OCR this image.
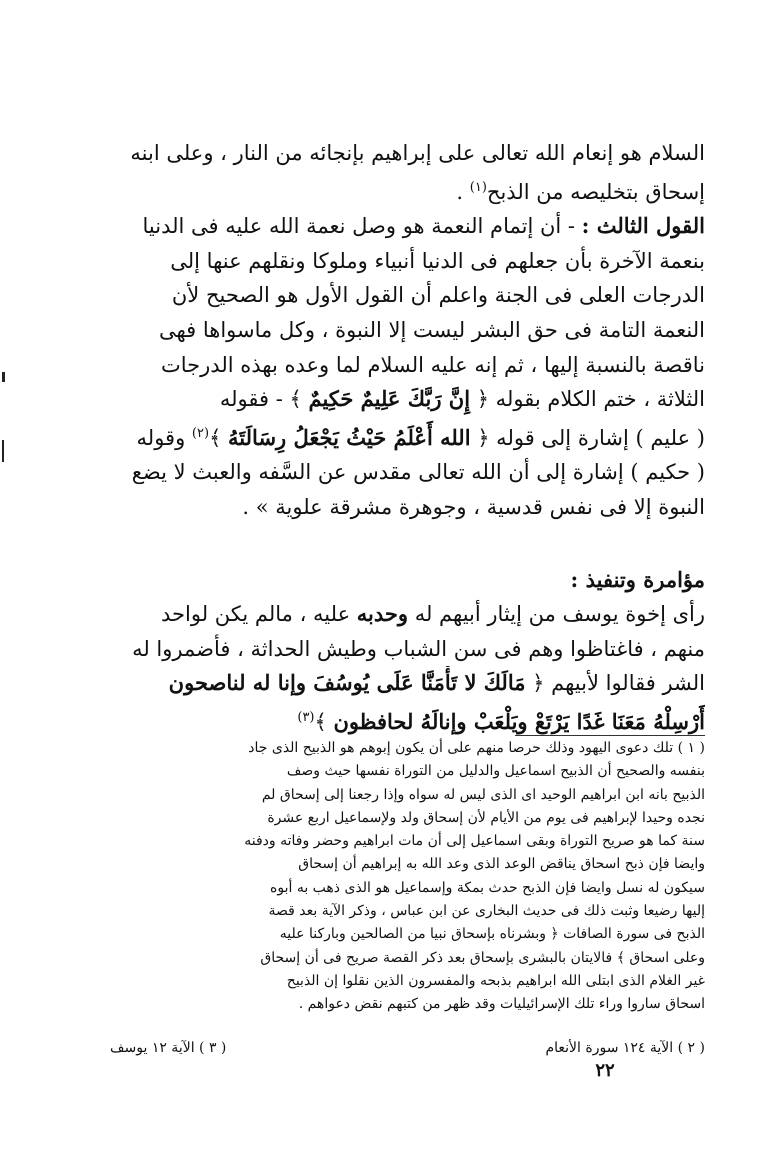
السلام هو إنعام الله تعالى على إبراهيم بإنجائه من النار ، وعلى ابنه
إسحاق بتخليصه من الذبح$^{(١)}$ .

القول الثالث : - أن إتمام النعمة هو وصل نعمة الله عليه فى الدنيا
بنعمة الآخرة بأن جعلهم فى الدنيا أنبياء وملوكا ونقلهم عنها إلى
الدرجات العلى فى الجنة واعلم أن القول الأول هو الصحيح لأن
النعمة التامة فى حق البشر ليست إلا النبوة ، وكل ماسواها فهى
ناقصة بالنسبة إليها ، ثم إنه عليه السلام لما وعده بهذه الدرجات
الثلاثة ، ختم الكلام بقوله ﴿ إِنَّ رَبَّكَ عَلِيمٌ حَكِيمٌ ﴾ - فقوله
( عليم ) إشارة إلى قوله ﴿ الله أَعْلَمُ حَيْثُ يَجْعَلُ رِسَالَتَهُ ﴾$^{(٢)}$ وقوله
( حكيم ) إشارة إلى أن الله تعالى مقدس عن السَّفه والعبث لا يضع
النبوة إلا فى نفس قدسية ، وجوهرة مشرقة علوية » .

مؤامرة وتنفيذ :

رأى إخوة يوسف من إيثار أبيهم له وحدبه عليه ، مالم يكن لواحد
منهم ، فاغتاظوا وهم فى سن الشباب وطيش الحداثة ، فأضمروا له
الشر فقالوا لأبيهم ﴿ مَالَكَ لا تَأْمَنَّا عَلَى يُوسُفَ وإنا له لناصحون
أَرْسِلْهُ مَعَنَا غَدًا يَرْتَعْ ويَلْعَبْ وإنالَهُ لحافظون ﴾$^{(٣)}$

( ١ ) تلك دعوى اليهود وذلك حرصا منهم على أن يكون إبوهم هو الذبيح الذى جاد
بنفسه والصحيح أن الذبيح اسماعيل والدليل من التوراة نفسها حيث وصف
الذبيح بانه ابن ابراهيم الوحيد اى الذى ليس له سواه وإذا رجعنا إلى إسحاق لم
نجده وحيدا لإبراهيم فى يوم من الأيام لأن إسحاق ولد ولإسماعيل اربع عشرة
سنة كما هو صريح التوراة وبقى اسماعيل إلى أن مات ابراهيم وحضر وفاته ودفنه
وايضا فإن ذبح اسحاق يناقض الوعد الذى وعد الله به إبراهيم أن إسحاق
سيكون له نسل وايضا فإن الذبح حدث بمكة وإسماعيل هو الذى ذهب به أبوه
إليها رضيعا وثبت ذلك فى حديث البخارى عن ابن عباس ، وذكر الآية بعد قصة
الذبح فى سورة الصافات ﴿ وبشرناه بإسحاق نبيا من الصالحين وباركنا عليه
وعلى اسحاق ﴾ فالايتان بالبشرى بإسحاق بعد ذكر القصة صريح فى أن إسحاق
غير الغلام الذى ابتلى الله ابراهيم بذبحه والمفسرون الذين نقلوا إن الذبيح
اسحاق ساروا وراء تلك الإسرائيليات وقد ظهر من كتبهم نقض دعواهم .
( ٢ ) الآية ١٢٤ سورة الأنعام
( ٣ ) الآية ١٢ يوسف
٢٢
